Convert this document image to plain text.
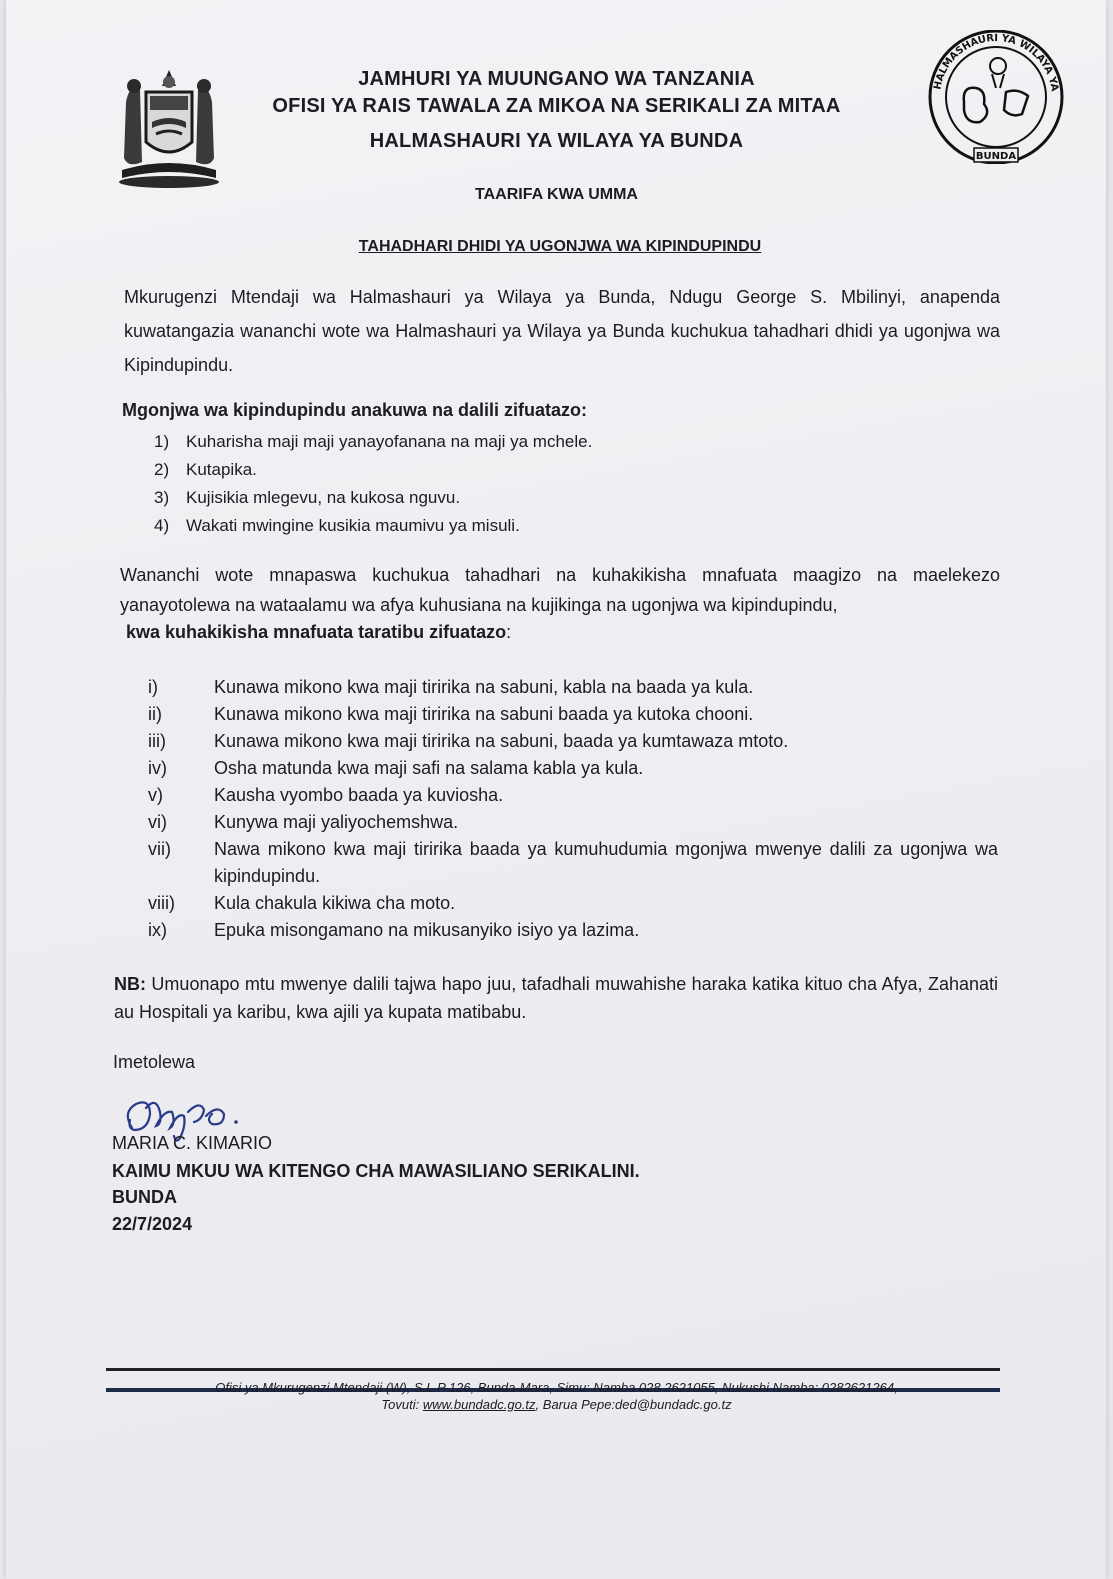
HALMASHAURI YA WILAYA YA
BUNDA
JAMHURI YA MUUNGANO WA TANZANIA
OFISI YA RAIS TAWALA ZA MIKOA NA SERIKALI ZA MITAA
HALMASHAURI YA WILAYA YA BUNDA
TAARIFA KWA UMMA
TAHADHARI DHIDI YA UGONJWA WA KIPINDUPINDU
Mkurugenzi Mtendaji wa Halmashauri ya Wilaya ya Bunda, Ndugu George S. Mbilinyi, anapenda kuwatangazia wananchi wote wa Halmashauri ya Wilaya ya Bunda kuchukua tahadhari dhidi ya ugonjwa wa Kipindupindu.
Mgonjwa wa kipindupindu anakuwa na dalili zifuatazo:
1) Kuharisha maji maji yanayofanana na maji ya mchele.
2) Kutapika.
3) Kujisikia mlegevu, na kukosa nguvu.
4) Wakati mwingine kusikia maumivu ya misuli.
Wananchi wote mnapaswa kuchukua tahadhari na kuhakikisha mnafuata maagizo na maelekezo yanayotolewa na wataalamu wa afya kuhusiana na kujikinga na ugonjwa wa kipindupindu,
kwa kuhakikisha mnafuata taratibu zifuatazo:
i)	Kunawa mikono kwa maji tiririka na sabuni, kabla na baada ya kula.
ii)	Kunawa mikono kwa maji tiririka na sabuni baada ya kutoka chooni.
iii)	Kunawa mikono kwa maji tiririka na sabuni, baada ya kumtawaza mtoto.
iv)	Osha matunda kwa maji safi na salama kabla ya kula.
v)	Kausha vyombo baada ya kuviosha.
vi)	Kunywa maji yaliyochemshwa.
vii)	Nawa mikono kwa maji tiririka baada ya kumuhudumia mgonjwa mwenye dalili za ugonjwa wa kipindupindu.
viii)	Kula chakula kikiwa cha moto.
ix)	Epuka misongamano na mikusanyiko isiyo ya lazima.
NB: Umuonapo mtu mwenye dalili tajwa hapo juu, tafadhali muwahishe haraka katika kituo cha Afya, Zahanati au Hospitali ya karibu, kwa ajili ya kupata matibabu.
Imetolewa
MARIA C. KIMARIO
KAIMU MKUU WA KITENGO CHA MAWASILIANO SERIKALINI.
BUNDA
22/7/2024
Ofisi ya Mkurugenzi Mtendaji (W), S.L.P 126, Bunda-Mara, Simu: Namba 028 2621055, Nukushi Namba: 0282621264,
Tovuti: www.bundadc.go.tz, Barua Pepe:ded@bundadc.go.tz
